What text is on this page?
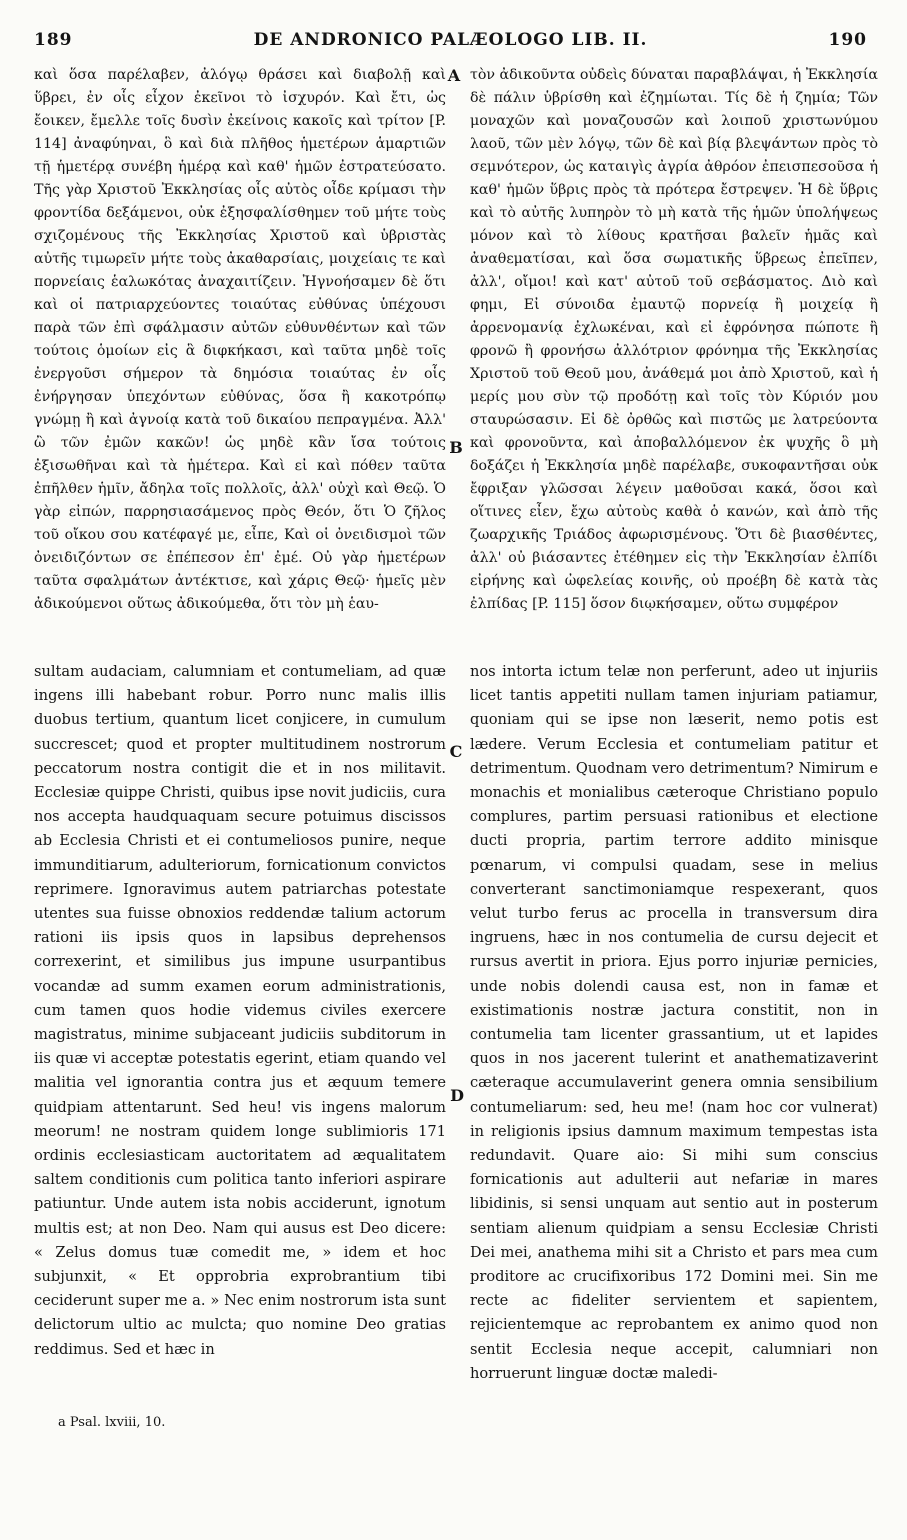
189	DE ANDRONICO PALÆOLOGO LIB. II.	190
καὶ ὅσα παρέλαβεν, ἀλόγῳ θράσει καὶ διαβολῇ καὶ ὕβρει, ἐν οἷς εἶχον ἐκεῖνοι τὸ ἰσχυρόν. Καὶ ἔτι, ὡς ἔοικεν, ἔμελλε τοῖς δυσὶν ἐκείνοις κακοῖς καὶ τρίτον [P. 114] ἀναφύηναι, ὃ καὶ διὰ πλῆθος ἡμετέρων ἁμαρτιῶν τῇ ἡμετέρᾳ συνέβη ἡμέρᾳ καὶ καθ' ἡμῶν ἐστρατεύσατο. Τῆς γὰρ Χριστοῦ Ἐκκλησίας οἷς αὐτὸς οἶδε κρίμασι τὴν φροντίδα δεξάμενοι, οὐκ ἐξησφαλίσθημεν τοῦ μήτε τοὺς σχιζομένους τῆς Ἐκκλησίας Χριστοῦ καὶ ὑβριστὰς αὐτῆς τιμωρεῖν μήτε τοὺς ἀκαθαρσίαις, μοιχείαις τε καὶ πορνείαις ἑαλωκότας ἀναχαιτίζειν. Ἠγνοήσαμεν δὲ ὅτι καὶ οἱ πατριαρχεύοντες τοιαύτας εὐθύνας ὑπέχουσι παρὰ τῶν ἐπὶ σφάλμασιν αὐτῶν εὐθυνθέντων καὶ τῶν τούτοις ὁμοίων εἰς ἃ διφκήκασι, καὶ ταῦτα μηδὲ τοῖς ἐνεργοῦσι σήμερον τὰ δημόσια τοιαύτας ἐν οἷς ἐνήργησαν ὑπεχόντων εὐθύνας, ὅσα ἢ κακοτρόπῳ γνώμῃ ἢ καὶ ἀγνοίᾳ κατὰ τοῦ δικαίου πεπραγμένα. Ἀλλ' ὢ τῶν ἐμῶν κακῶν! ὡς μηδὲ κἂν ἴσα τούτοις ἐξισωθῆναι καὶ τὰ ἡμέτερα. Καὶ εἰ καὶ πόθεν ταῦτα ἐπῆλθεν ἡμῖν, ἄδηλα τοῖς πολλοῖς, ἀλλ' οὐχὶ καὶ Θεῷ. Ὁ γὰρ εἰπών, παρρησιασάμενος πρὸς Θεόν, ὅτι Ὁ ζῆλος τοῦ οἴκου σου κατέφαγέ με, εἶπε, Καὶ οἱ ὀνειδισμοὶ τῶν ὀνειδιζόντων σε ἐπέπεσον ἐπ' ἐμέ. Οὐ γὰρ ἡμετέρων ταῦτα σφαλμάτων ἀντέκτισε, καὶ χάρις Θεῷ· ἡμεῖς μὲν ἀδικούμενοι οὕτως ἀδικούμεθα, ὅτι τὸν μὴ ἑαυ-
τὸν ἀδικοῦντα οὐδεὶς δύναται παραβλάψαι, ἡ Ἐκκλησία δὲ πάλιν ὑβρίσθη καὶ ἐζημίωται. Τίς δὲ ἡ ζημία; Τῶν μοναχῶν καὶ μοναζουσῶν καὶ λοιποῦ χριστωνύμου λαοῦ, τῶν μὲν λόγῳ, τῶν δὲ καὶ βίᾳ βλεψάντων πρὸς τὸ σεμνότερον, ὡς καταιγὶς ἀγρία ἀθρόον ἐπεισπεσοῦσα ἡ καθ' ἡμῶν ὕβρις πρὸς τὰ πρότερα ἔστρεψεν. Ἡ δὲ ὕβρις καὶ τὸ αὐτῆς λυπηρὸν τὸ μὴ κατὰ τῆς ἡμῶν ὑπολήψεως μόνον καὶ τὸ λίθους κρατῆσαι βαλεῖν ἡμᾶς καὶ ἀναθεματίσαι, καὶ ὅσα σωματικῆς ὕβρεως ἐπεῖπεν, ἀλλ', οἴμοι! καὶ κατ' αὐτοῦ τοῦ σεβάσματος. Διὸ καὶ φημι, Εἰ σύνοιδα ἐμαυτῷ πορνείᾳ ἢ μοιχείᾳ ἢ ἀρρενομανίᾳ ἐχλωκέναι, καὶ εἰ ἐφρόνησα πώποτε ἢ φρονῶ ἢ φρονήσω ἀλλότριον φρόνημα τῆς Ἐκκλησίας Χριστοῦ τοῦ Θεοῦ μου, ἀνάθεμά μοι ἀπὸ Χριστοῦ, καὶ ἡ μερίς μου σὺν τῷ προδότῃ καὶ τοῖς τὸν Κύριόν μου σταυρώσασιν. Εἰ δὲ ὀρθῶς καὶ πιστῶς με λατρεύοντα καὶ φρονοῦντα, καὶ ἀποβαλλόμενον ἐκ ψυχῆς ὃ μὴ δοξάζει ἡ Ἐκκλησία μηδὲ παρέλαβε, συκοφαντῆσαι οὐκ ἔφριξαν γλῶσσαι λέγειν μαθοῦσαι κακά, ὅσοι καὶ οἵτινες εἶεν, ἔχω αὐτοὺς καθὰ ὁ κανών, καὶ ἀπὸ τῆς ζωαρχικῆς Τριάδος ἀφωρισμένους. Ὅτι δὲ βιασθέντες, ἀλλ' οὐ βιάσαντες ἐτέθημεν εἰς τὴν Ἐκκλησίαν ἐλπίδι εἰρήνης καὶ ὠφελείας κοινῆς, οὐ προέβη δὲ κατὰ τὰς ἐλπίδας [P. 115] ὅσον διῳκήσαμεν, οὕτω συμφέρον
A
B
C
D
sultam audaciam, calumniam et contumeliam, ad quæ ingens illi habebant robur. Porro nunc malis illis duobus tertium, quantum licet conjicere, in cumulum succrescet; quod et propter multitudinem nostrorum peccatorum nostra contigit die et in nos militavit. Ecclesiæ quippe Christi, quibus ipse novit judiciis, cura nos accepta haudquaquam secure potuimus discissos ab Ecclesia Christi et ei contumeliosos punire, neque immunditiarum, adulteriorum, fornicationum convictos reprimere. Ignoravimus autem patriarchas potestate utentes sua fuisse obnoxios reddendæ talium actorum rationi iis ipsis quos in lapsibus deprehensos correxerint, et similibus jus impune usurpantibus vocandæ ad summ examen eorum administrationis, cum tamen quos hodie videmus civiles exercere magistratus, minime subjaceant judiciis subditorum in iis quæ vi acceptæ potestatis egerint, etiam quando vel malitia vel ignorantia contra jus et æquum temere quidpiam attentarunt. Sed heu! vis ingens malorum meorum! ne nostram quidem longe sublimioris 171 ordinis ecclesiasticam auctoritatem ad æqualitatem saltem conditionis cum politica tanto inferiori aspirare patiuntur. Unde autem ista nobis acciderunt, ignotum multis est; at non Deo. Nam qui ausus est Deo dicere: « Zelus domus tuæ comedit me, » idem et hoc subjunxit, « Et opprobria exprobrantium tibi ceciderunt super me a. » Nec enim nostrorum ista sunt delictorum ultio ac mulcta; quo nomine Deo gratias reddimus. Sed et hæc in
nos intorta ictum telæ non perferunt, adeo ut injuriis licet tantis appetiti nullam tamen injuriam patiamur, quoniam qui se ipse non læserit, nemo potis est lædere. Verum Ecclesia et contumeliam patitur et detrimentum. Quodnam vero detrimentum? Nimirum e monachis et monialibus cæteroque Christiano populo complures, partim persuasi rationibus et electione ducti propria, partim terrore addito minisque pœnarum, vi compulsi quadam, sese in melius converterant sanctimoniamque respexerant, quos velut turbo ferus ac procella in transversum dira ingruens, hæc in nos contumelia de cursu dejecit et rursus avertit in priora. Ejus porro injuriæ pernicies, unde nobis dolendi causa est, non in famæ et existimationis nostræ jactura constitit, non in contumelia tam licenter grassantium, ut et lapides quos in nos jacerent tulerint et anathematizaverint cæteraque accumulaverint genera omnia sensibilium contumeliarum: sed, heu me! (nam hoc cor vulnerat) in religionis ipsius damnum maximum tempestas ista redundavit. Quare aio: Si mihi sum conscius fornicationis aut adulterii aut nefariæ in mares libidinis, si sensi unquam aut sentio aut in posterum sentiam alienum quidpiam a sensu Ecclesiæ Christi Dei mei, anathema mihi sit a Christo et pars mea cum proditore ac crucifixoribus 172 Domini mei. Sin me recte ac fideliter servientem et sapientem, rejicientemque ac reprobantem ex animo quod non sentit Ecclesia neque accepit, calumniari non horruerunt linguæ doctæ maledi-
a Psal. lxviii, 10.
